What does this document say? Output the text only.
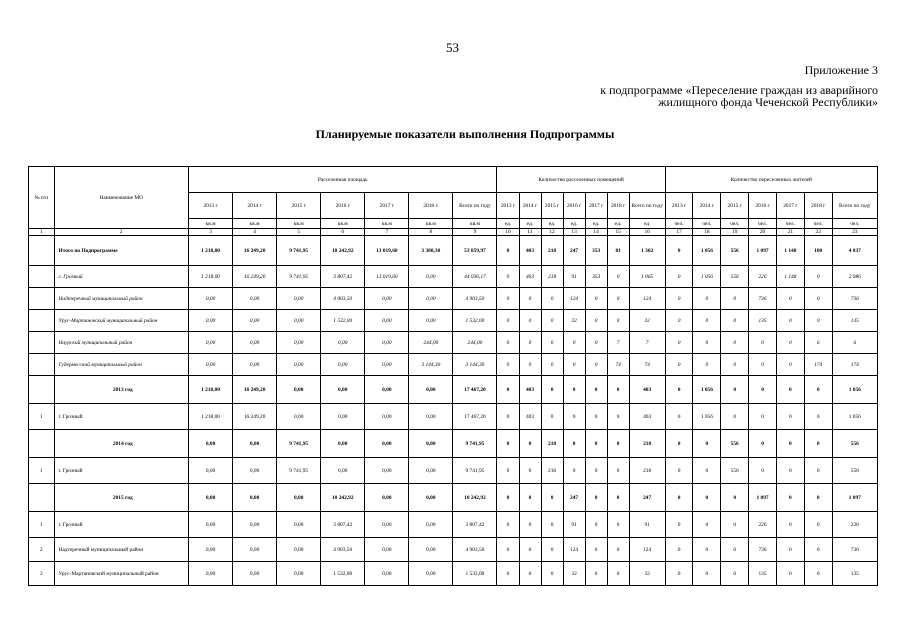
53
Приложение 3
к подпрограмме «Переселение граждан из аварийного
жилищного фонда Чеченской Республики»
Планируемые показатели выполнения Подпрограммы
№ п/п	Наименование МО	Расселенная площадь							Количество расселенных помещений							Количество переселенных жителей						
		2013 г	2014 г	2015 г	2016 г	2017 г	2018 г.	Всего по году	2013 г	2014 г	2015 г	2016 г	2017 г	2018 г	Всего по году	2013 г	2014 г	2015 г	2016 г	2017 г	2018 г	Всего по году
		кв.м	кв.м	кв.м	кв.м	кв.м	кв.м	кв.м	ед.	ед.	ед.	ед.	ед.	ед.	ед.	чел.	чел.	чел.	чел.	чел.	чел.	чел.
1	2	3	4	5	6	7	8	9	10	11	12	13	14	15	16	17	18	19	20	21	22	23
	Итого по Подпрограмме	1 218,00	16 249,20	9 741,95	10 242,92	13 019,60	3 388,30	53 859,97	0	403	218	247	353	81	1 302	0	1 056	556	1 097	1 148	180	4 037
	г. Грозный	1 218,00	16 249,20	9 741,95	3 807,42	13 019,60	0,00	44 036,17	0	403	218	91	353	0	1 065	0	1 056	556	226	1 148	0	2 986
	Надтеречный муниципальный район	0,00	0,00	0,00	4 903,50	0,00	0,00	4 903,50	0	0	0	124	0	0	124	0	0	0	736	0	0	736
	Урус-Мартановский муниципальный район	0,00	0,00	0,00	1 532,00	0,00	0,00	1 532,00	0	0	0	32	0	0	32	0	0	0	135	0	0	135
	Наурский муниципальный район	0,00	0,00	0,00	0,00	0,00	244,00	244,00	0	0	0	0	0	7	7	0	0	0	0	0	6	6
	Гудермесский муниципальный район	0,00	0,00	0,00	0,00	0,00	3 144,30	3 144,30	0	0	0	0	0	74	74	0	0	0	0	0	174	174
	2013 год	1 218,00	16 249,20	0,00	0,00	0,00	0,00	17 467,20	0	403	0	0	0	0	403	0	1 056	0	0	0	0	1 056
1	г. Грозный	1 218,00	16 249,20	0,00	0,00	0,00	0,00	17 467,20	0	403	0	0	0	0	403	0	1 056	0	0	0	0	1 056
	2014 год	0,00	0,00	9 741,95	0,00	0,00	0,00	9 741,95	0	0	218	0	0	0	218	0	0	556	0	0	0	556
1	г. Грозный	0,00	0,00	9 741,95	0,00	0,00	0,00	9 741,95	0	0	218	0	0	0	218	0	0	556	0	0	0	556
	2015 год	0,00	0,00	0,00	10 242,92	0,00	0,00	10 242,92	0	0	0	247	0	0	247	0	0	0	1 097	0	0	1 097
1	г. Грозный	0,00	0,00	0,00	3 807,42	0,00	0,00	3 807,42	0	0	0	91	0	0	91	0	0	0	226	0	0	226
2	Надтеречный муниципальный район	0,00	0,00	0,00	4 903,50	0,00	0,00	4 903,50	0	0	0	124	0	0	124	0	0	0	736	0	0	736
3	Урус-Мартановский муниципальный район	0,00	0,00	0,00	1 532,00	0,00	0,00	1 532,00	0	0	0	32	0	0	32	0	0	0	135	0	0	135
